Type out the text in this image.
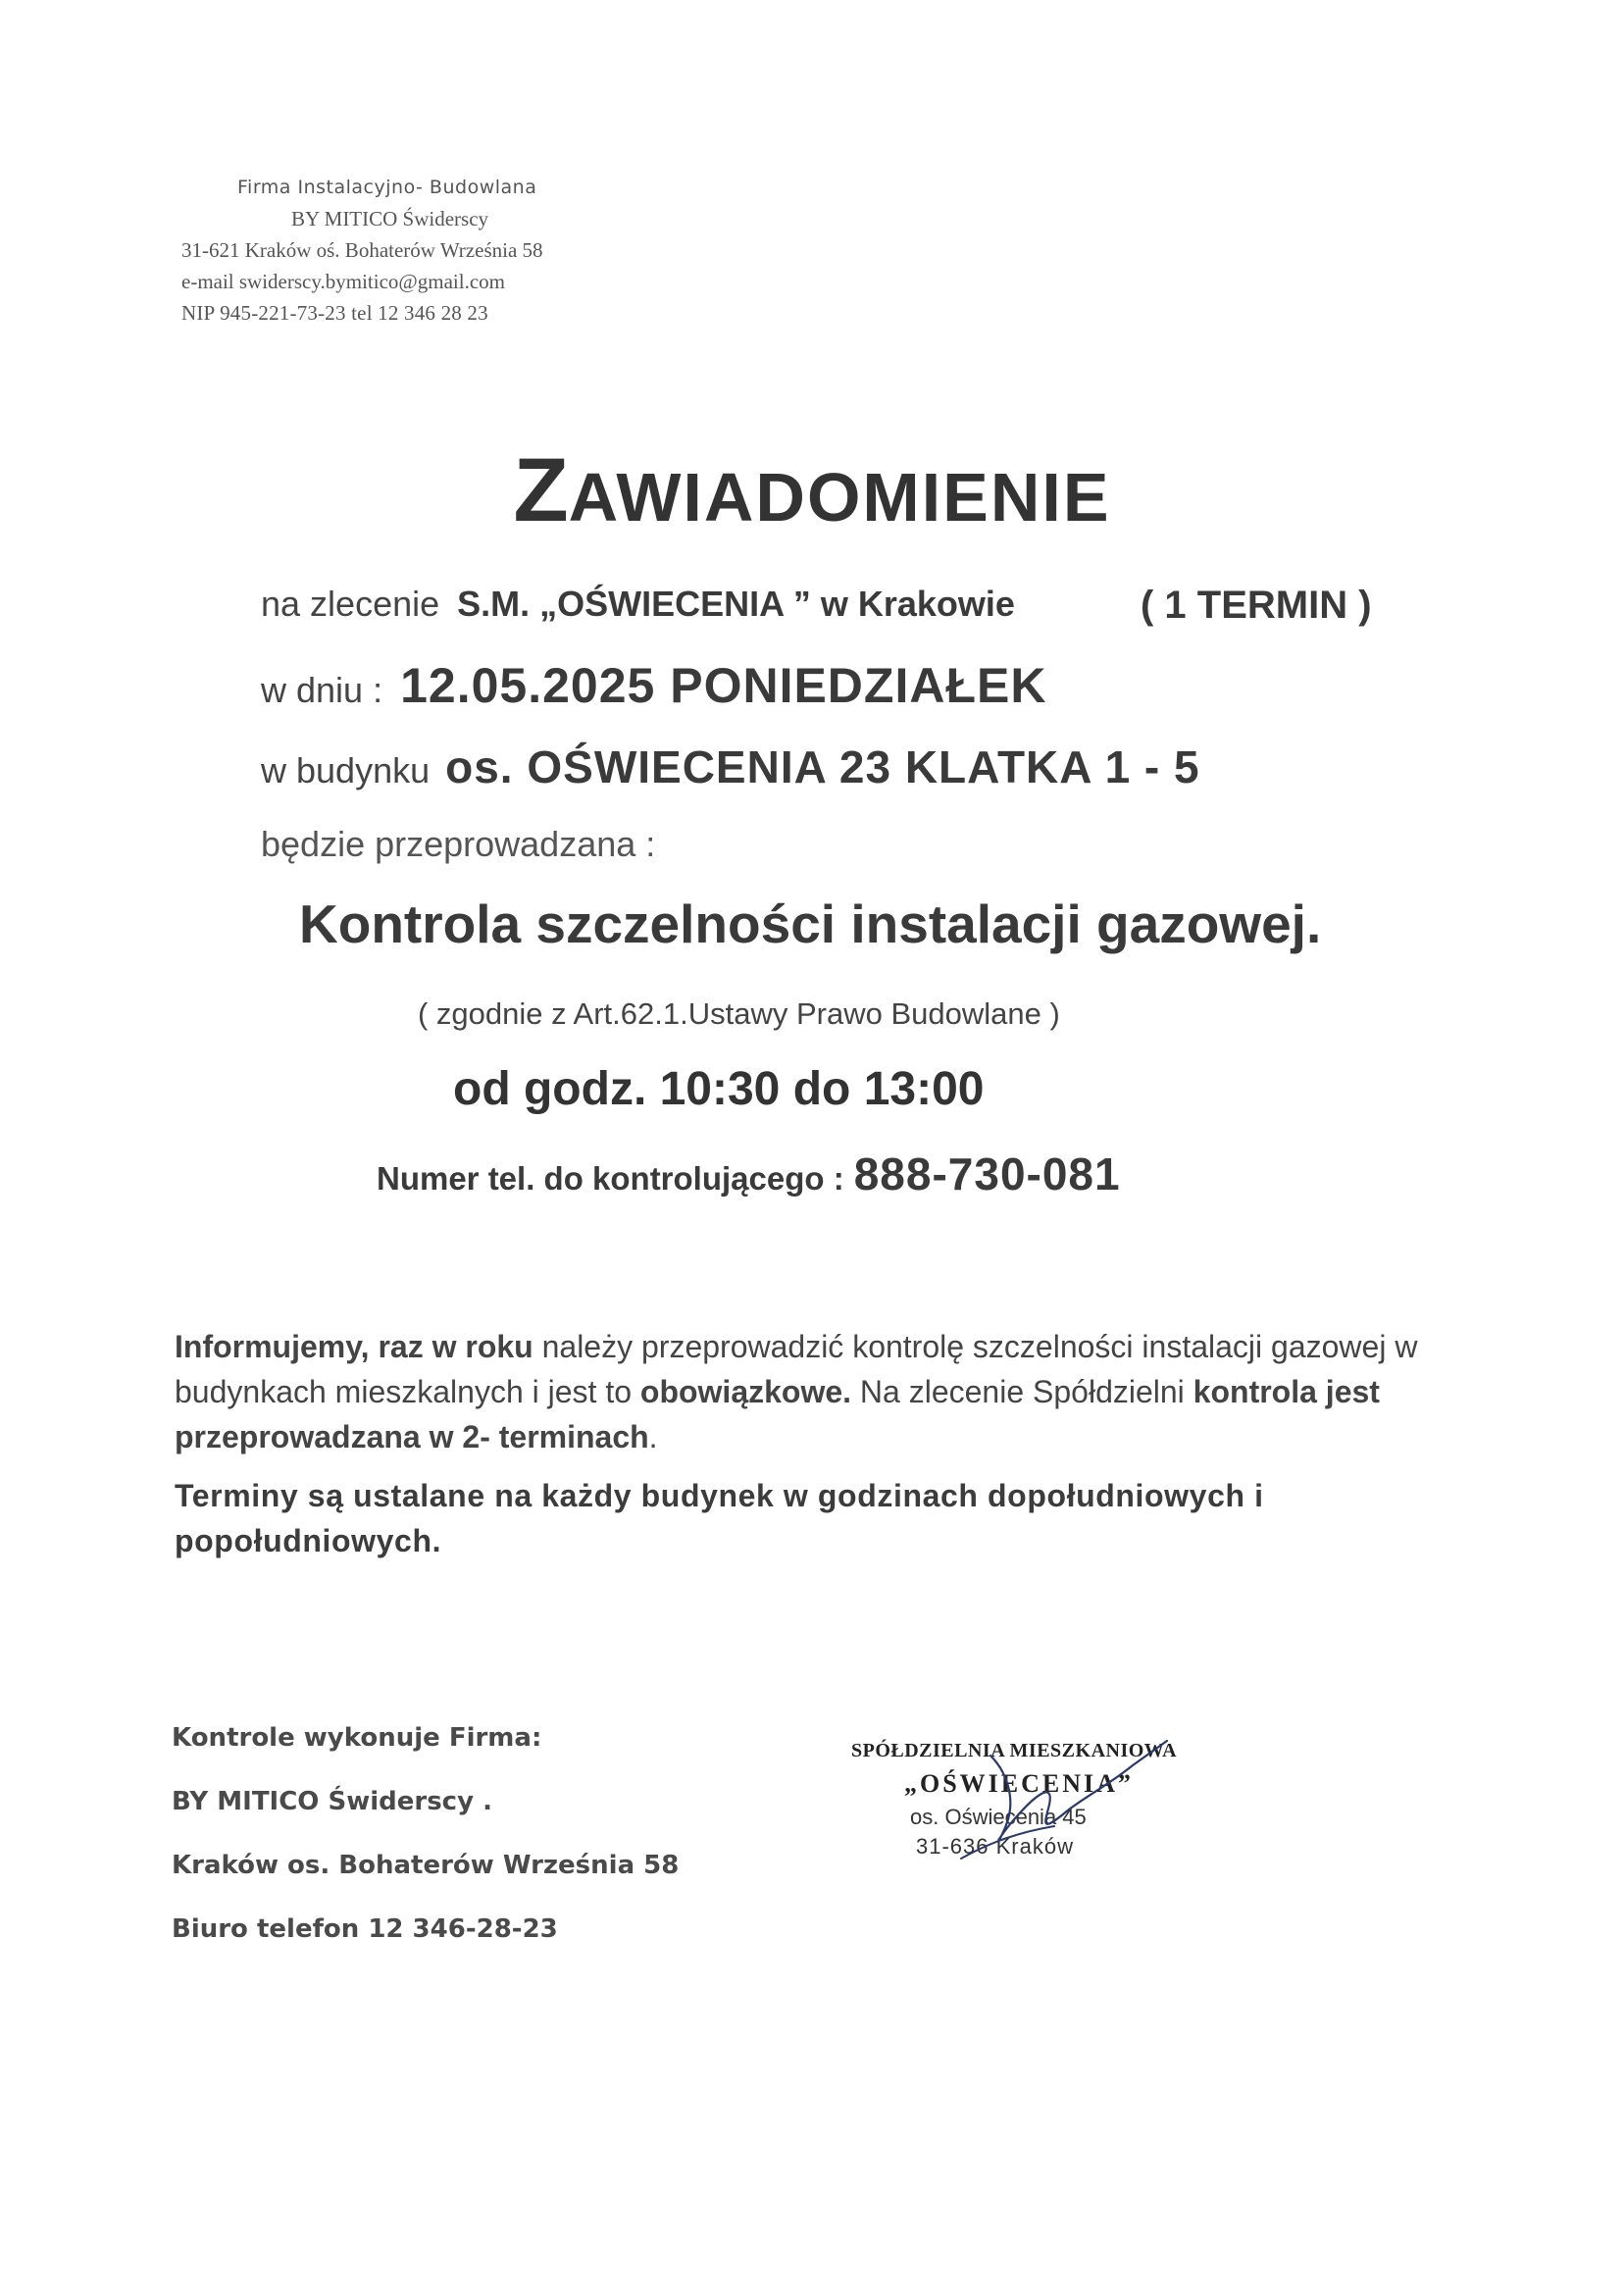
Firma Instalacyjno- Budowlana
BY MITICO Świderscy
31-621 Kraków oś. Bohaterów Września 58
e-mail swiderscy.bymitico@gmail.com
NIP 945-221-73-23 tel 12 346 28 23
ZAWIADOMIENIE
na zlecenie S.M. „OŚWIECENIA ” w Krakowie	( 1 TERMIN )
w dniu : 12.05.2025 PONIEDZIAŁEK
w budynku os. OŚWIECENIA 23 KLATKA 1 - 5
będzie przeprowadzana :
Kontrola szczelności instalacji gazowej.
( zgodnie z Art.62.1.Ustawy Prawo Budowlane )
od godz. 10:30 do 13:00
Numer tel. do kontrolującego : 888-730-081

Informujemy, raz w roku należy przeprowadzić kontrolę szczelności instalacji gazowej w budynkach mieszkalnych i jest to obowiązkowe. Na zlecenie Spółdzielni kontrola jest przeprowadzana w 2- terminach.

Terminy są ustalane na każdy budynek w godzinach dopołudniowych i popołudniowych.

Kontrole wykonuje Firma:
BY MITICO Świderscy .
Kraków os. Bohaterów Września 58
Biuro telefon 12 346-28-23
SPÓŁDZIELNIA MIESZKANIOWA
„OŚWIECENIA”
os. Oświecenia 45
31-636 Kraków
